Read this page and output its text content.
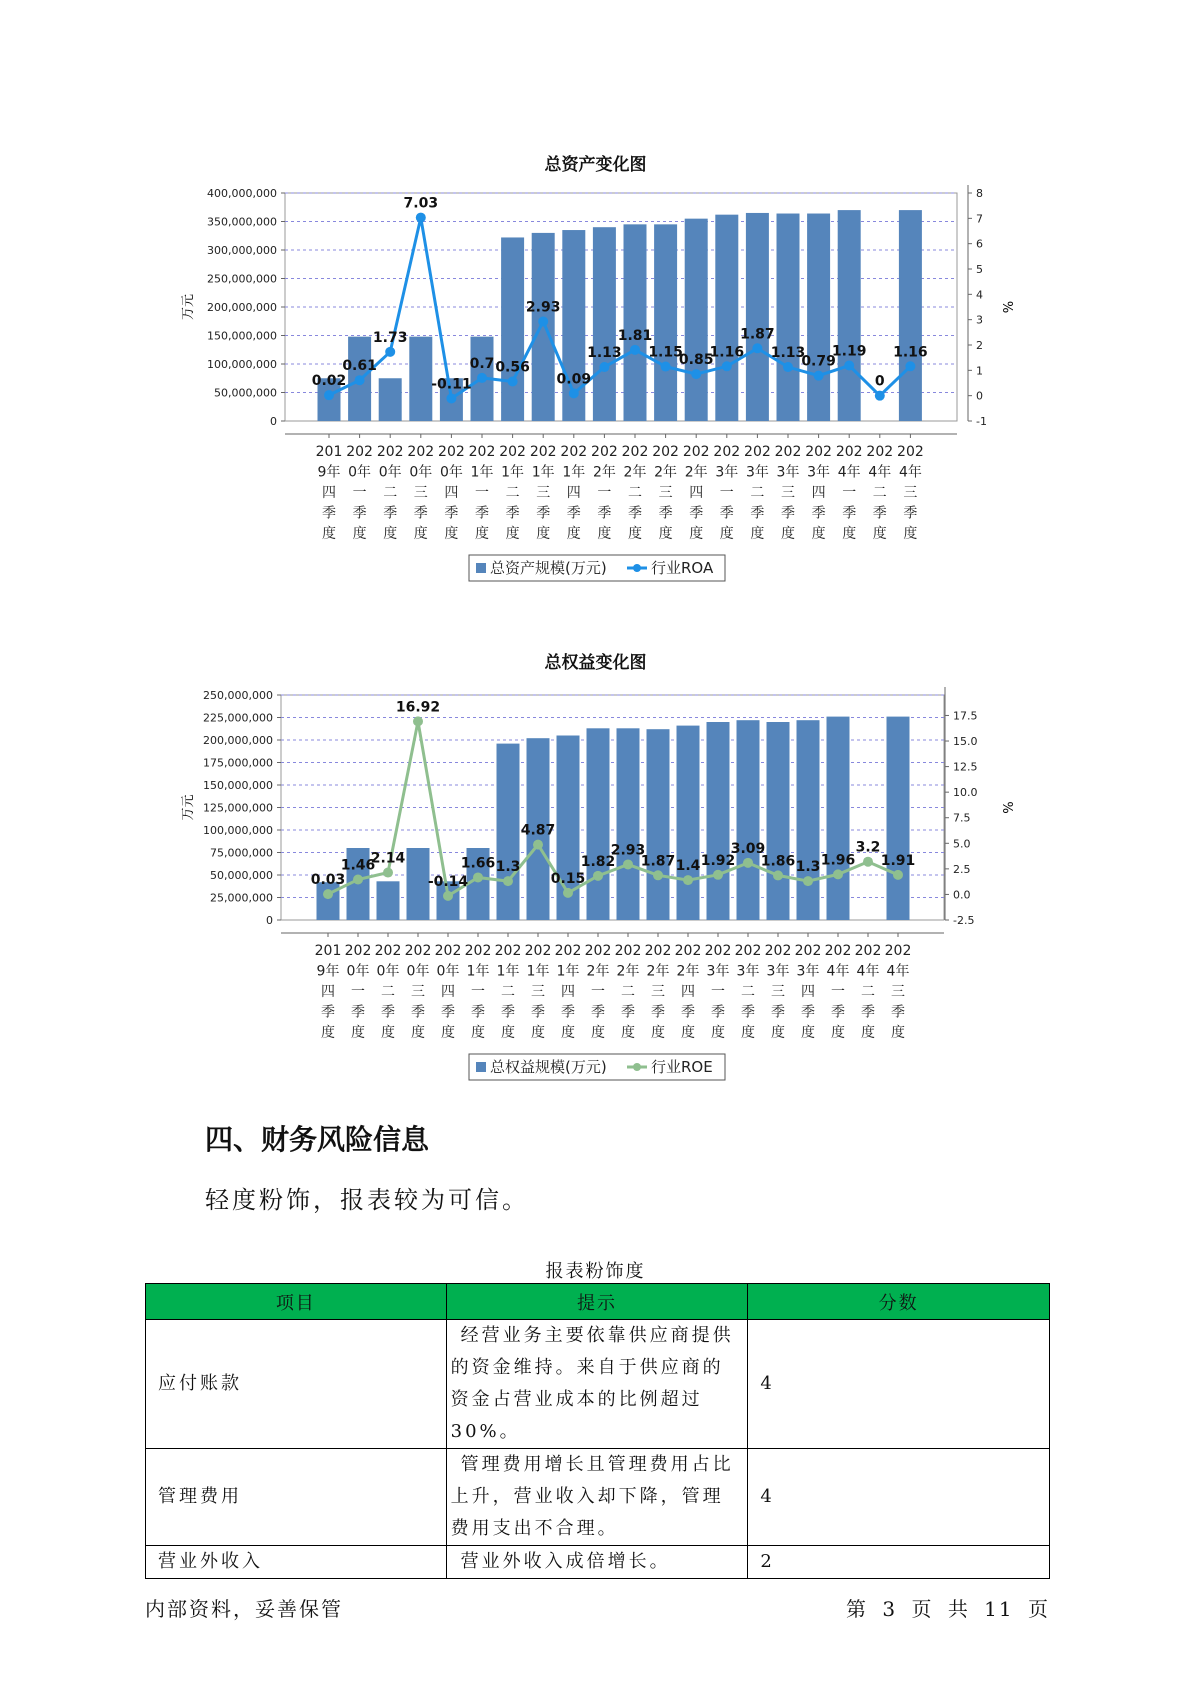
总资产变化图
0
50,000,000
100,000,000
150,000,000
200,000,000
250,000,000
300,000,000
350,000,000
400,000,000
-1
0
1
2
3
4
5
6
7
8
万元	%
201
9年
四
季
度
202
0年
一
季
度
202
0年
二
季
度
202
0年
三
季
度
202
0年
四
季
度
202
1年
一
季
度
202
1年
二
季
度
202
1年
三
季
度
202
1年
四
季
度
202
2年
一
季
度
202
2年
二
季
度
202
2年
三
季
度
202
2年
四
季
度
202
3年
一
季
度
202
3年
二
季
度
202
3年
三
季
度
202
3年
四
季
度
202
4年
一
季
度
202
4年
二
季
度
202
4年
三
季
度
0.02
0.61
1.73
7.03
-0.11
0.7 0.56
2.93
0.09
1.13
1.81
1.15
0.85
1.16
1.87
1.13
0.79
1.19
0
1.16
总资产规模(万元)	行业ROA
总权益变化图
0
25,000,000
50,000,000
75,000,000
100,000,000
125,000,000
150,000,000
175,000,000
200,000,000
225,000,000
250,000,000
-2.5
0.0
2.5
5.0
7.5
10.0
12.5
15.0
17.5
万元	%
201
9年
四
季
度
202
0年
一
季
度
202
0年
二
季
度
202
0年
三
季
度
202
0年
四
季
度
202
1年
一
季
度
202
1年
二
季
度
202
1年
三
季
度
202
1年
四
季
度
202
2年
一
季
度
202
2年
二
季
度
202
2年
三
季
度
202
2年
四
季
度
202
3年
一
季
度
202
3年
二
季
度
202
3年
三
季
度
202
3年
四
季
度
202
4年
一
季
度
202
4年
二
季
度
202
4年
三
季
度
0.03
1.46
2.14
16.92
-0.14
1.66 1.3
4.87
0.15
1.82
2.93
1.87 1.4 1.92
3.09
1.86 1.3 1.96
3.2
1.91
总权益规模(万元)	行业ROE
四、财务风险信息
轻度粉饰，报表较为可信。
报表粉饰度
项目	提示	分数
应付账款	经营业务主要依靠供应商提供的资金维持。来自于供应商的资金占营业成本的比例超过30%。	4
管理费用	管理费用增长且管理费用占比上升，营业收入却下降，管理费用支出不合理。	4
营业外收入	营业外收入成倍增长。	2
内部资料，妥善保管	第 3 页 共 11 页
